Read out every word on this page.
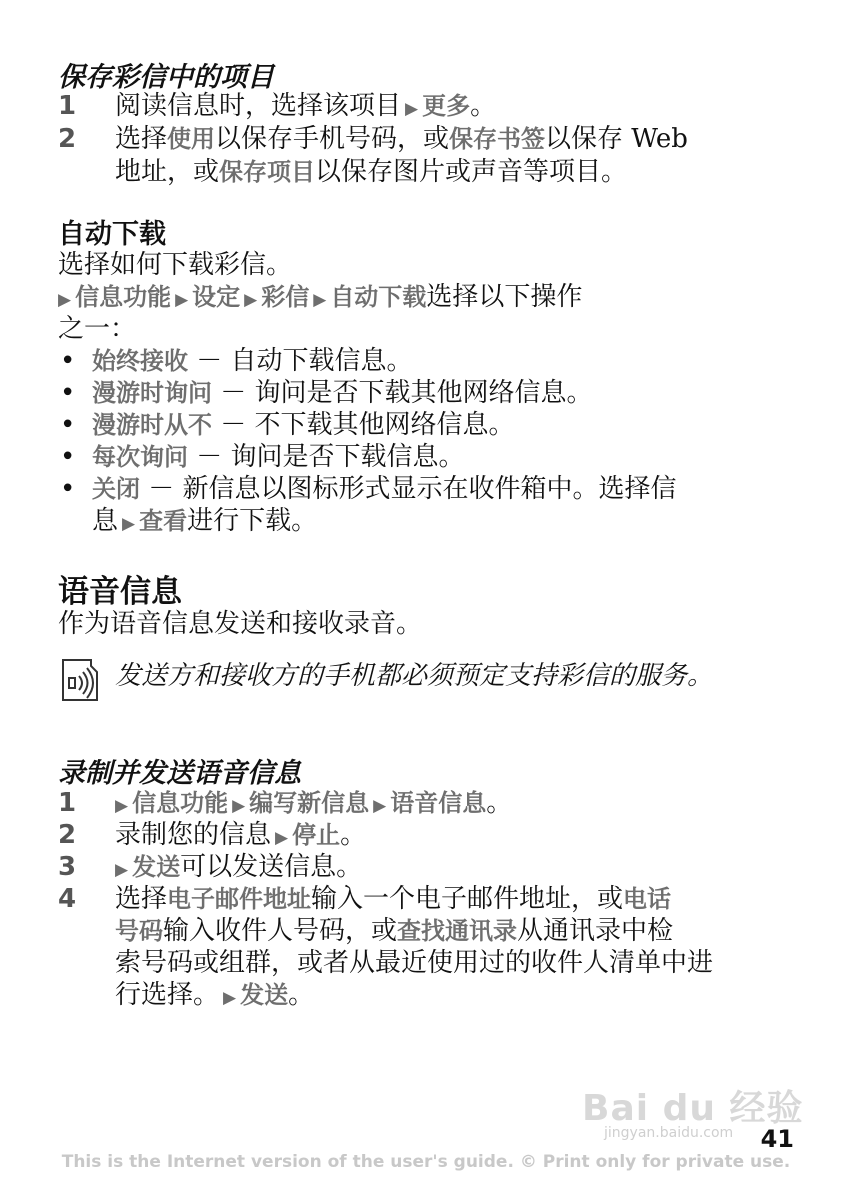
保存彩信中的项目
1	阅读信息时，选择该项目 ▶ 更多。
2	选择使用以保存手机号码，或保存书签以保存 Web
地址，或保存项目以保存图片或声音等项目。
自动下载
选择如何下载彩信。
▶ 信息功能 ▶ 设定 ▶ 彩信 ▶ 自动下载选择以下操作
之一：
• 始终接收 － 自动下载信息。
• 漫游时询问 － 询问是否下载其他网络信息。
• 漫游时从不 － 不下载其他网络信息。
• 每次询问 － 询问是否下载信息。
• 关闭 － 新信息以图标形式显示在收件箱中。选择信
息 ▶ 查看进行下载。
语音信息
作为语音信息发送和接收录音。
发送方和接收方的手机都必须预定支持彩信的服务。
录制并发送语音信息
1	▶ 信息功能 ▶ 编写新信息 ▶ 语音信息。
2	录制您的信息 ▶ 停止。
3	▶ 发送可以发送信息。
4	选择电子邮件地址输入一个电子邮件地址，或电话
号码输入收件人号码，或查找通讯录从通讯录中检
索号码或组群，或者从最近使用过的收件人清单中进
行选择。 ▶ 发送。
Bai du 经验
jingyan.baidu.com 41
This is the Internet version of the user's guide. © Print only for private use.
